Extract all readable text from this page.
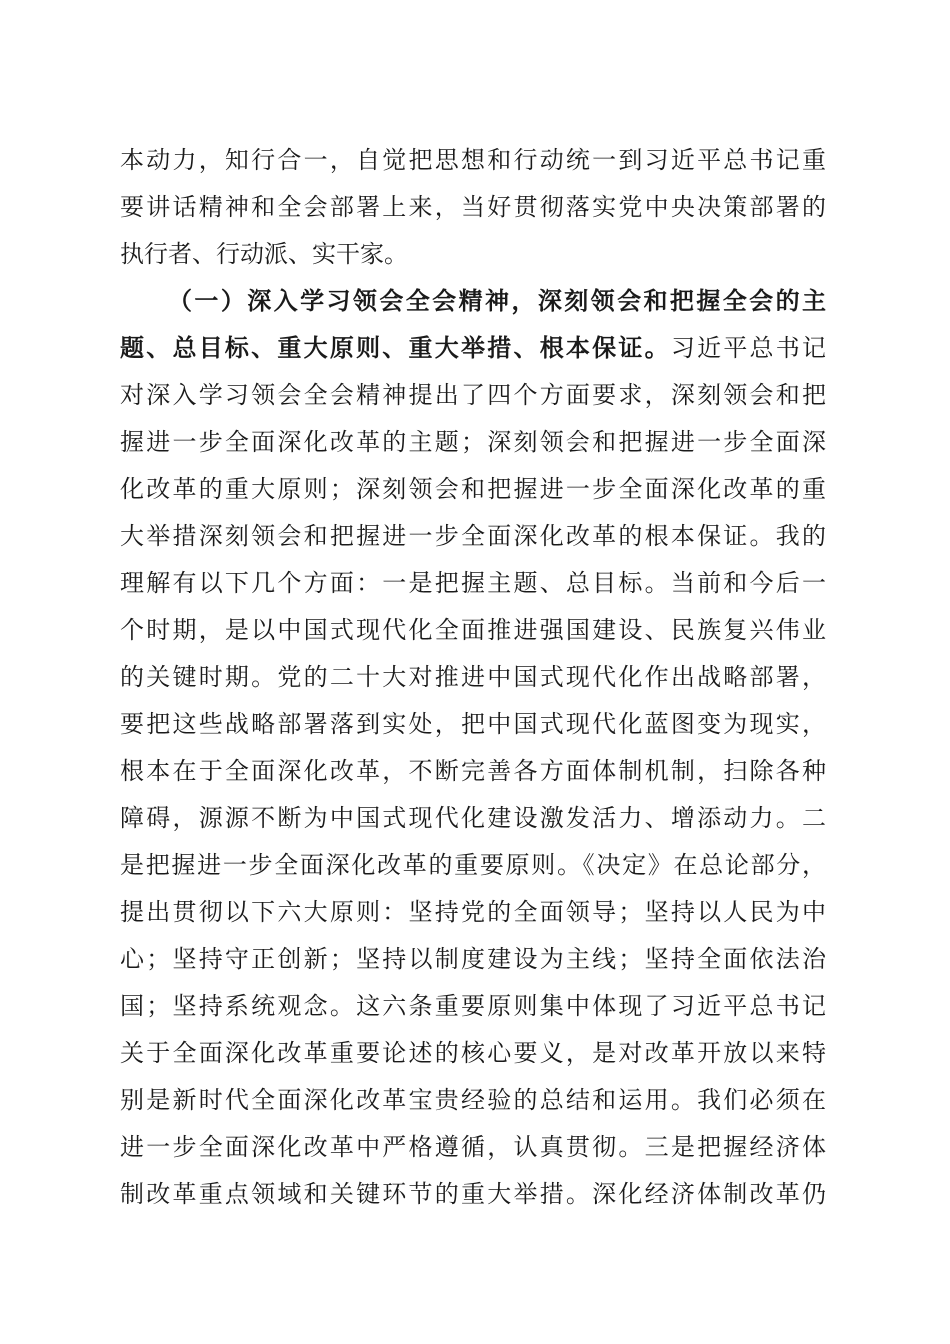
本动力，知行合一，自觉把思想和行动统一到习近平总书记重
要讲话精神和全会部署上来，当好贯彻落实党中央决策部署的
执行者、行动派、实干家。
（一）深入学习领会全会精神，深刻领会和把握全会的主
题、总目标、重大原则、重大举措、根本保证。习近平总书记
对深入学习领会全会精神提出了四个方面要求，深刻领会和把
握进一步全面深化改革的主题；深刻领会和把握进一步全面深
化改革的重大原则；深刻领会和把握进一步全面深化改革的重
大举措深刻领会和把握进一步全面深化改革的根本保证。我的
理解有以下几个方面：一是把握主题、总目标。当前和今后一
个时期，是以中国式现代化全面推进强国建设、民族复兴伟业
的关键时期。党的二十大对推进中国式现代化作出战略部署，
要把这些战略部署落到实处，把中国式现代化蓝图变为现实，
根本在于全面深化改革，不断完善各方面体制机制，扫除各种
障碍，源源不断为中国式现代化建设激发活力、增添动力。二
是把握进一步全面深化改革的重要原则。《决定》在总论部分，
提出贯彻以下六大原则：坚持党的全面领导；坚持以人民为中
心；坚持守正创新；坚持以制度建设为主线；坚持全面依法治
国；坚持系统观念。这六条重要原则集中体现了习近平总书记
关于全面深化改革重要论述的核心要义，是对改革开放以来特
别是新时代全面深化改革宝贵经验的总结和运用。我们必须在
进一步全面深化改革中严格遵循，认真贯彻。三是把握经济体
制改革重点领域和关键环节的重大举措。深化经济体制改革仍
